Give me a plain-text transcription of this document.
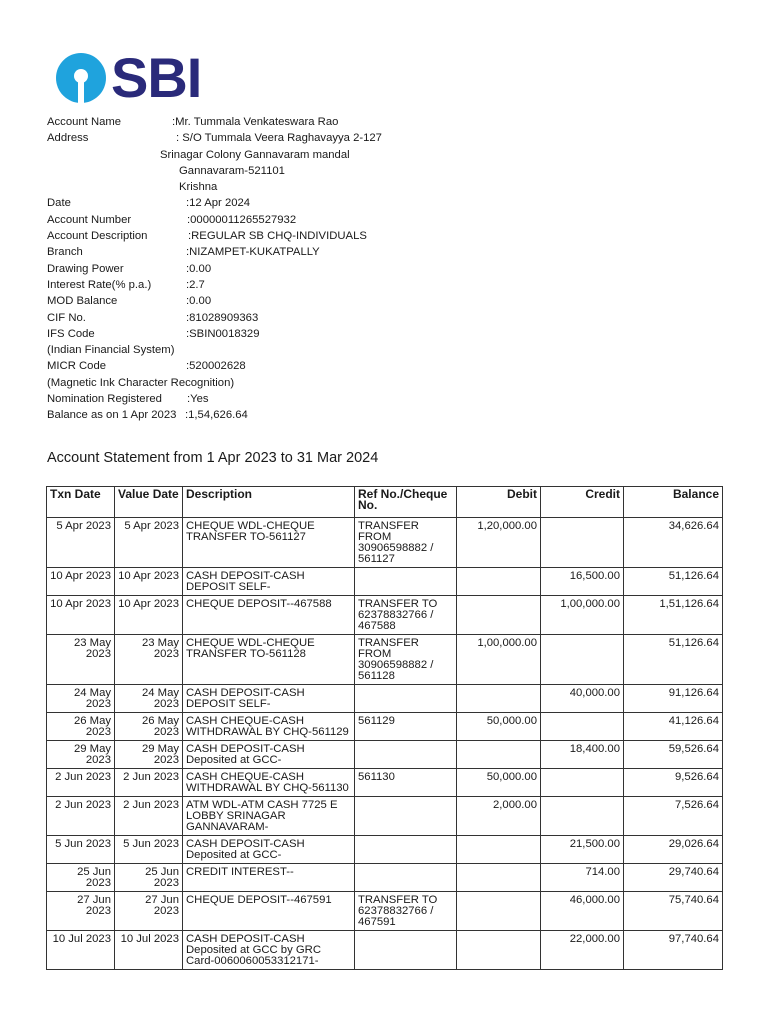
SBI
Account Name	:Mr. Tummala Venkateswara Rao
Address	: S/O Tummala Veera Raghavayya 2-127
Srinagar Colony Gannavaram mandal
Gannavaram-521101
Krishna
Date	:12 Apr 2024
Account Number	:00000011265527932
Account Description	:REGULAR SB CHQ-INDIVIDUALS
Branch	:NIZAMPET-KUKATPALLY
Drawing Power	:0.00
Interest Rate(% p.a.)	:2.7
MOD Balance	:0.00
CIF No.	:81028909363
IFS Code	:SBIN0018329
(Indian Financial System)
MICR Code	:520002628
(Magnetic Ink Character Recognition)
Nomination Registered :Yes
Balance as on 1 Apr 2023 :1,54,626.64
Account Statement from 1 Apr 2023 to 31 Mar 2024
Txn Date	Value Date	Description	Ref No./Cheque No.	Debit	Credit	Balance
5 Apr 2023	5 Apr 2023	CHEQUE WDL-CHEQUE TRANSFER TO-561127	TRANSFER FROM 30906598882 / 561127	1,20,000.00		34,626.64
10 Apr 2023	10 Apr 2023	CASH DEPOSIT-CASH DEPOSIT SELF-			16,500.00	51,126.64
10 Apr 2023	10 Apr 2023	CHEQUE DEPOSIT--467588	TRANSFER TO 62378832766 / 467588		1,00,000.00	1,51,126.64
23 May 2023	23 May 2023	CHEQUE WDL-CHEQUE TRANSFER TO-561128	TRANSFER FROM 30906598882 / 561128	1,00,000.00		51,126.64
24 May 2023	24 May 2023	CASH DEPOSIT-CASH DEPOSIT SELF-			40,000.00	91,126.64
26 May 2023	26 May 2023	CASH CHEQUE-CASH WITHDRAWAL BY CHQ-561129	561129	50,000.00		41,126.64
29 May 2023	29 May 2023	CASH DEPOSIT-CASH Deposited at GCC-			18,400.00	59,526.64
2 Jun 2023	2 Jun 2023	CASH CHEQUE-CASH WITHDRAWAL BY CHQ-561130	561130	50,000.00		9,526.64
2 Jun 2023	2 Jun 2023	ATM WDL-ATM CASH 7725 E LOBBY SRINAGAR GANNAVARAM-		2,000.00		7,526.64
5 Jun 2023	5 Jun 2023	CASH DEPOSIT-CASH Deposited at GCC-			21,500.00	29,026.64
25 Jun 2023	25 Jun 2023	CREDIT INTEREST--			714.00	29,740.64
27 Jun 2023	27 Jun 2023	CHEQUE DEPOSIT--467591	TRANSFER TO 62378832766 / 467591		46,000.00	75,740.64
10 Jul 2023	10 Jul 2023	CASH DEPOSIT-CASH Deposited at GCC by GRC Card-0060060053312171-			22,000.00	97,740.64
